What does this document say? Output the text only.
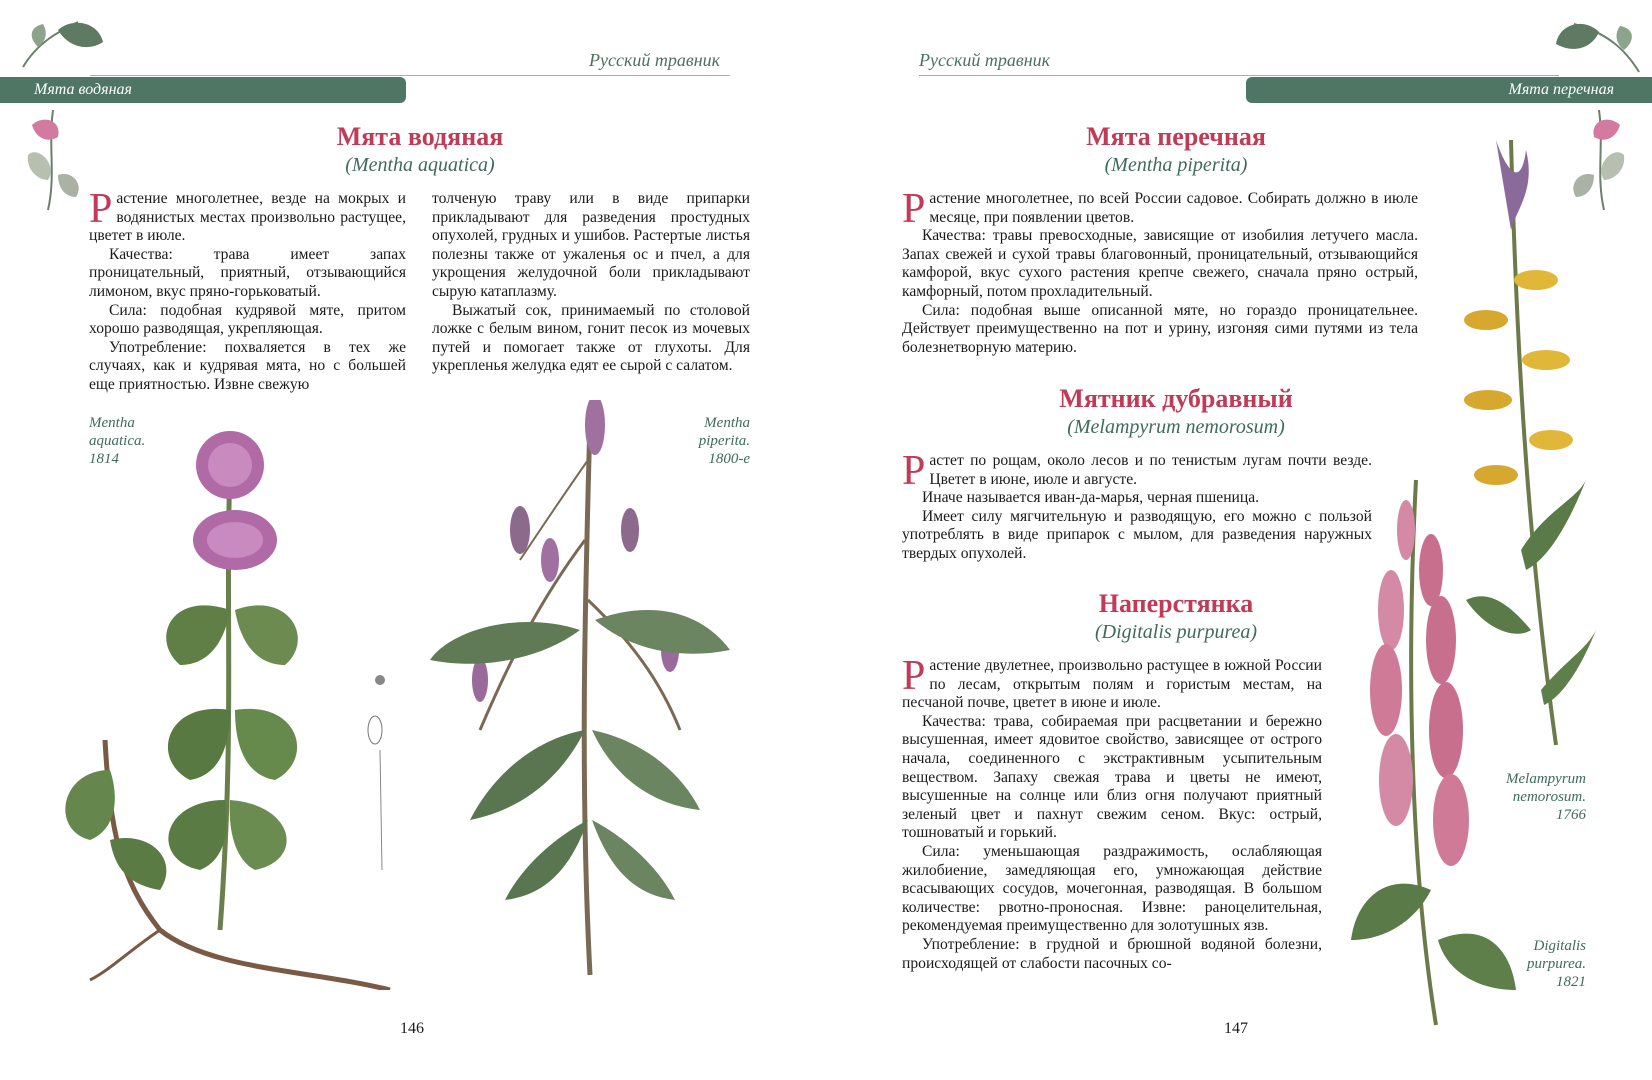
Русский травник
Мята водяная
Мята водяная
(Mentha aquatica)

Растение многолетнее, везде на мокрых и водянистых местах произвольно растущее, цветет в июле.

Качества: трава имеет запах проницательный, приятный, отзывающийся лимоном, вкус пряно-горьковатый.

Сила: подобная кудрявой мяте, притом хорошо разводящая, укрепляющая.

Употребление: похваляется в тех же случаях, как и кудрявая мята, но с большей еще приятностью. Извне свежую

толченую траву или в виде припарки прикладывают для разведения простудных опухолей, грудных и ушибов. Растертые листья полезны также от ужаленья ос и пчел, а для укрощения желудочной боли прикладывают сырую катаплазму.

Выжатый сок, принимаемый по столовой ложке с белым вином, гонит песок из мочевых путей и помогает также от глухоты. Для укрепленья желудка едят ее сырой с салатом.

Mentha
aquatica.
1814
Mentha
piperita.
1800-е
146
Русский травник
Мята перечная
Мята перечная
(Mentha piperita)

Растение многолетнее, по всей России садовое. Собирать должно в июле месяце, при появлении цветов.

Качества: травы превосходные, зависящие от изобилия летучего масла. Запах свежей и сухой травы благовонный, проницательный, отзывающийся камфорой, вкус сухого растения крепче свежего, сначала пряно острый, камфорный, потом прохладительный.

Сила: подобная выше описанной мяте, но гораздо проницательнее. Действует преимущественно на пот и урину, изгоняя сими путями из тела болезнетворную материю.

Мятник дубравный
(Melampyrum nemorosum)

Растет по рощам, около лесов и по тенистым лугам почти везде. Цветет в июне, июле и августе.

Иначе называется иван-да-марья, черная пшеница.

Имеет силу мягчительную и разводящую, его можно с пользой употреблять в виде припарок с мылом, для разведения наружных твердых опухолей.

Наперстянка
(Digitalis purpurea)

Растение двулетнее, произвольно растущее в южной России по лесам, открытым полям и гористым местам, на песчаной почве, цветет в июне и июле.

Качества: трава, собираемая при расцветании и бережно высушенная, имеет ядовитое свойство, зависящее от острого начала, соединенного с экстрактивным усыпительным веществом. Запаху свежая трава и цветы не имеют, высушенные на солнце или близ огня получают приятный зеленый цвет и пахнут свежим сеном. Вкус: острый, тошноватый и горький.

Сила: уменьшающая раздражимость, ослабляющая жилобиение, замедляющая его, умножающая действие всасывающих сосудов, мочегонная, разводящая. В большом количестве: рвотно-проносная. Извне: раноцелительная, рекомендуемая преимущественно для золотушных язв.

Употребление: в грудной и брюшной водяной болезни, происходящей от слабости пасочных со-

Melampyrum
nemorosum.
1766
Digitalis
purpurea.
1821
147
